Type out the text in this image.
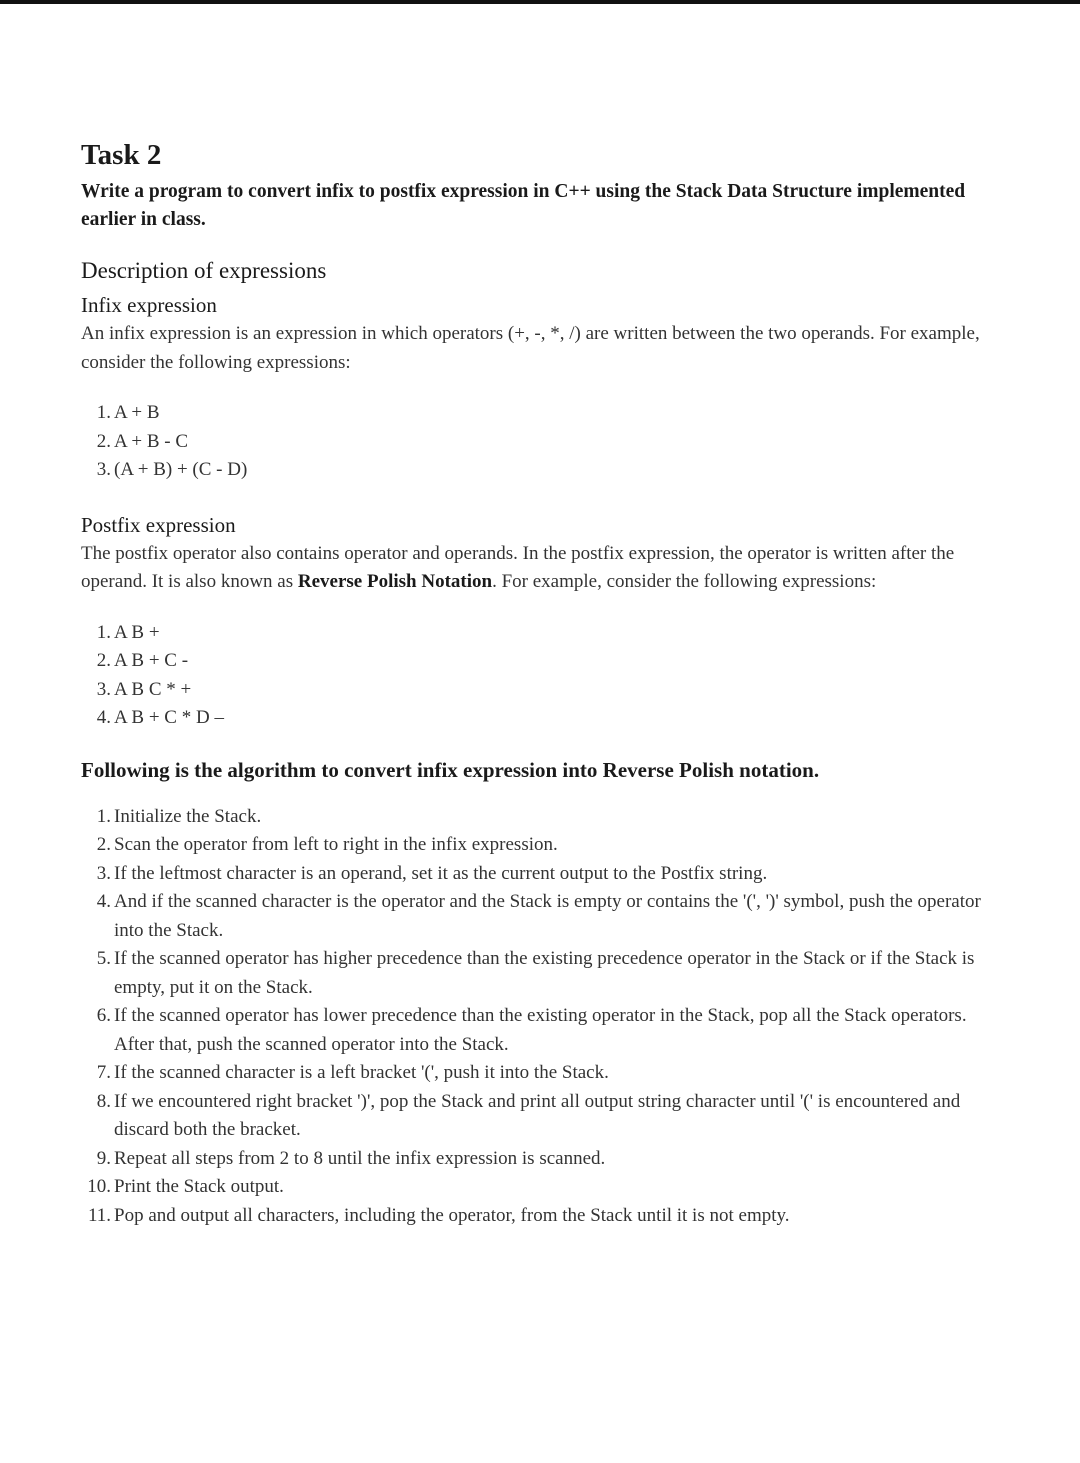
Task 2

Write a program to convert infix to postfix expression in C++ using the Stack Data Structure implemented earlier in class.

Description of expressions
Infix expression

An infix expression is an expression in which operators (+, -, *, /) are written between the two operands. For example, consider the following expressions:

1. A + B
2. A + B - C
3. (A + B) + (C - D)
Postfix expression

The postfix operator also contains operator and operands. In the postfix expression, the operator is written after the operand. It is also known as Reverse Polish Notation. For example, consider the following expressions:

1. A B +
2. A B + C -
3. A B C * +
4. A B + C * D –
Following is the algorithm to convert infix expression into Reverse Polish notation.
1. Initialize the Stack.
2. Scan the operator from left to right in the infix expression.
3. If the leftmost character is an operand, set it as the current output to the Postfix string.
4. And if the scanned character is the operator and the Stack is empty or contains the '(', ')' symbol, push the operator into the Stack.
5. If the scanned operator has higher precedence than the existing precedence operator in the Stack or if the Stack is empty, put it on the Stack.
6. If the scanned operator has lower precedence than the existing operator in the Stack, pop all the Stack operators. After that, push the scanned operator into the Stack.
7. If the scanned character is a left bracket '(', push it into the Stack.
8. If we encountered right bracket ')', pop the Stack and print all output string character until '(' is encountered and discard both the bracket.
9. Repeat all steps from 2 to 8 until the infix expression is scanned.
10. Print the Stack output.
11. Pop and output all characters, including the operator, from the Stack until it is not empty.
